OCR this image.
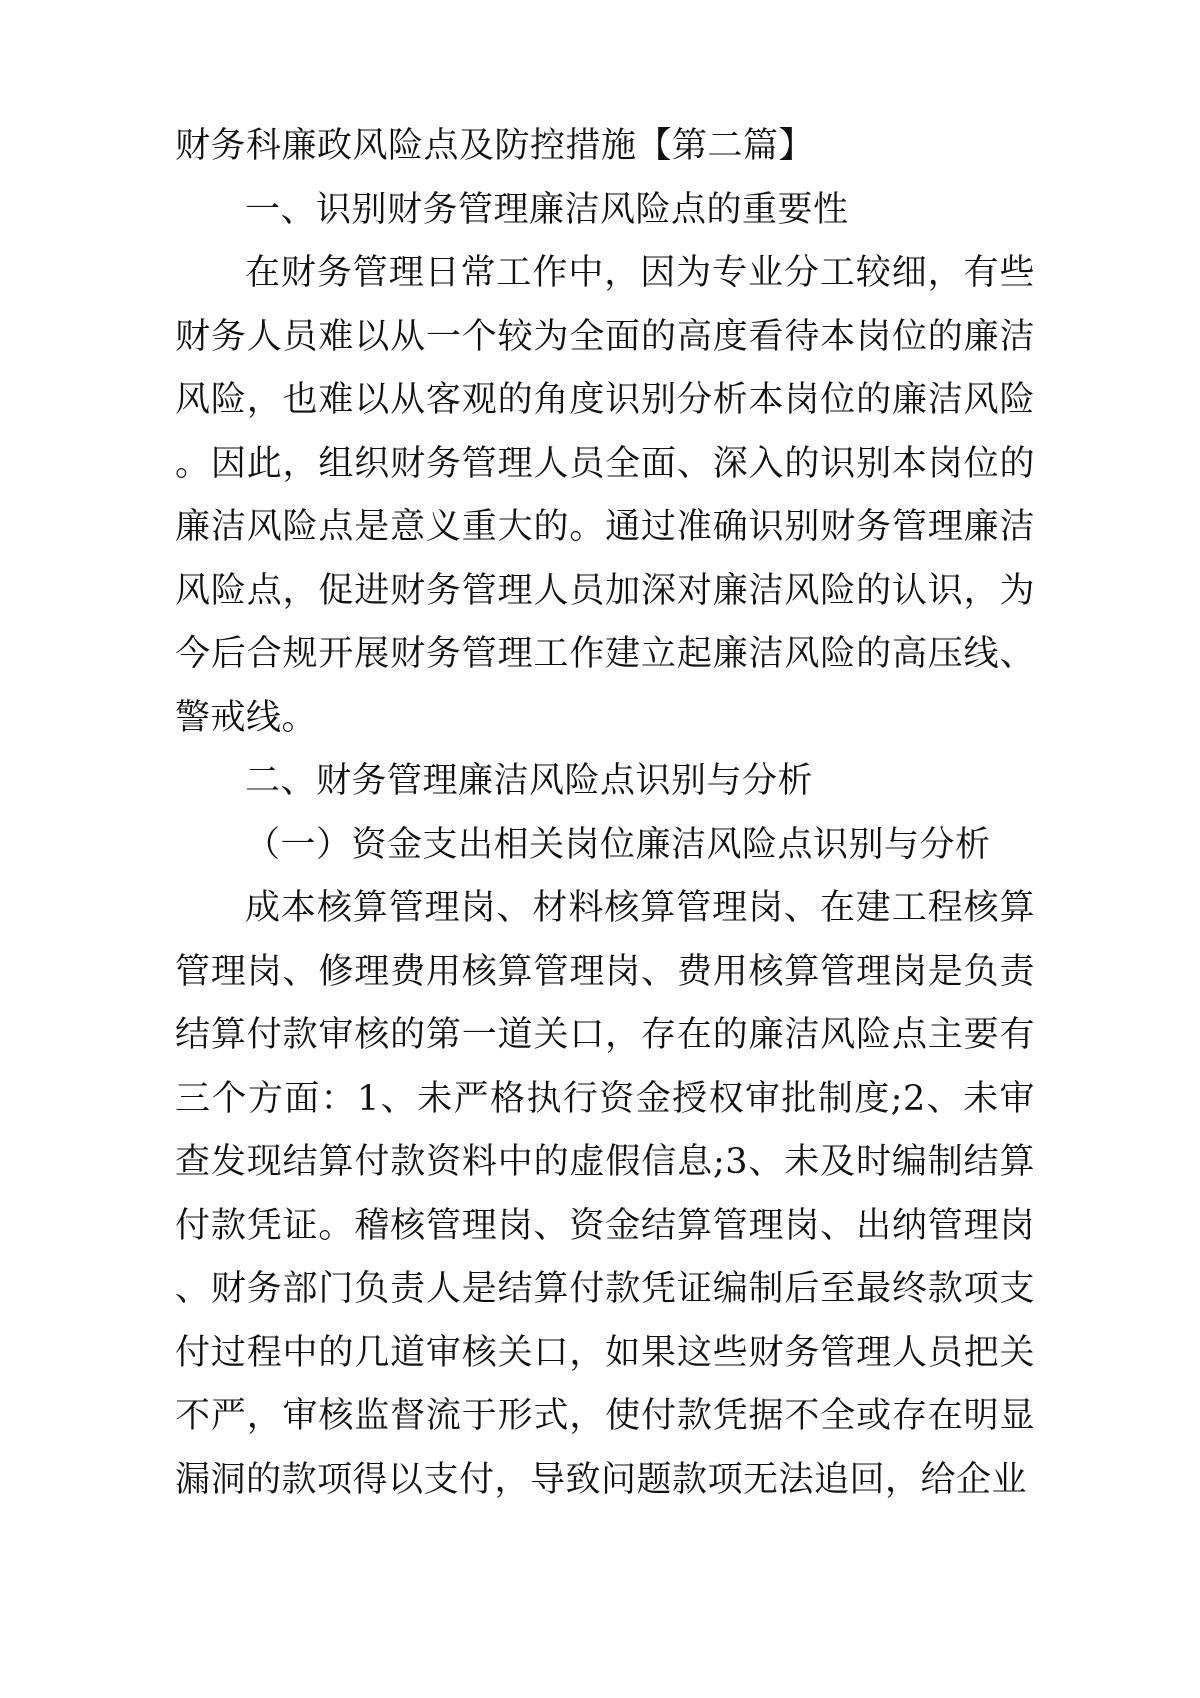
财务科廉政风险点及防控措施【第二篇】

一、识别财务管理廉洁风险点的重要性

在财务管理日常工作中，因为专业分工较细，有些财务人员难以从一个较为全面的高度看待本岗位的廉洁风险，也难以从客观的角度识别分析本岗位的廉洁风险。因此，组织财务管理人员全面、深入的识别本岗位的廉洁风险点是意义重大的。通过准确识别财务管理廉洁风险点，促进财务管理人员加深对廉洁风险的认识，为今后合规开展财务管理工作建立起廉洁风险的高压线、警戒线。

二、财务管理廉洁风险点识别与分析

（一）资金支出相关岗位廉洁风险点识别与分析

成本核算管理岗、材料核算管理岗、在建工程核算管理岗、修理费用核算管理岗、费用核算管理岗是负责结算付款审核的第一道关口，存在的廉洁风险点主要有三个方面：1、未严格执行资金授权审批制度;2、未审查发现结算付款资料中的虚假信息;3、未及时编制结算付款凭证。稽核管理岗、资金结算管理岗、出纳管理岗、财务部门负责人是结算付款凭证编制后至最终款项支付过程中的几道审核关口，如果这些财务管理人员把关不严，审核监督流于形式，使付款凭据不全或存在明显漏洞的款项得以支付，导致问题款项无法追回，给企业
